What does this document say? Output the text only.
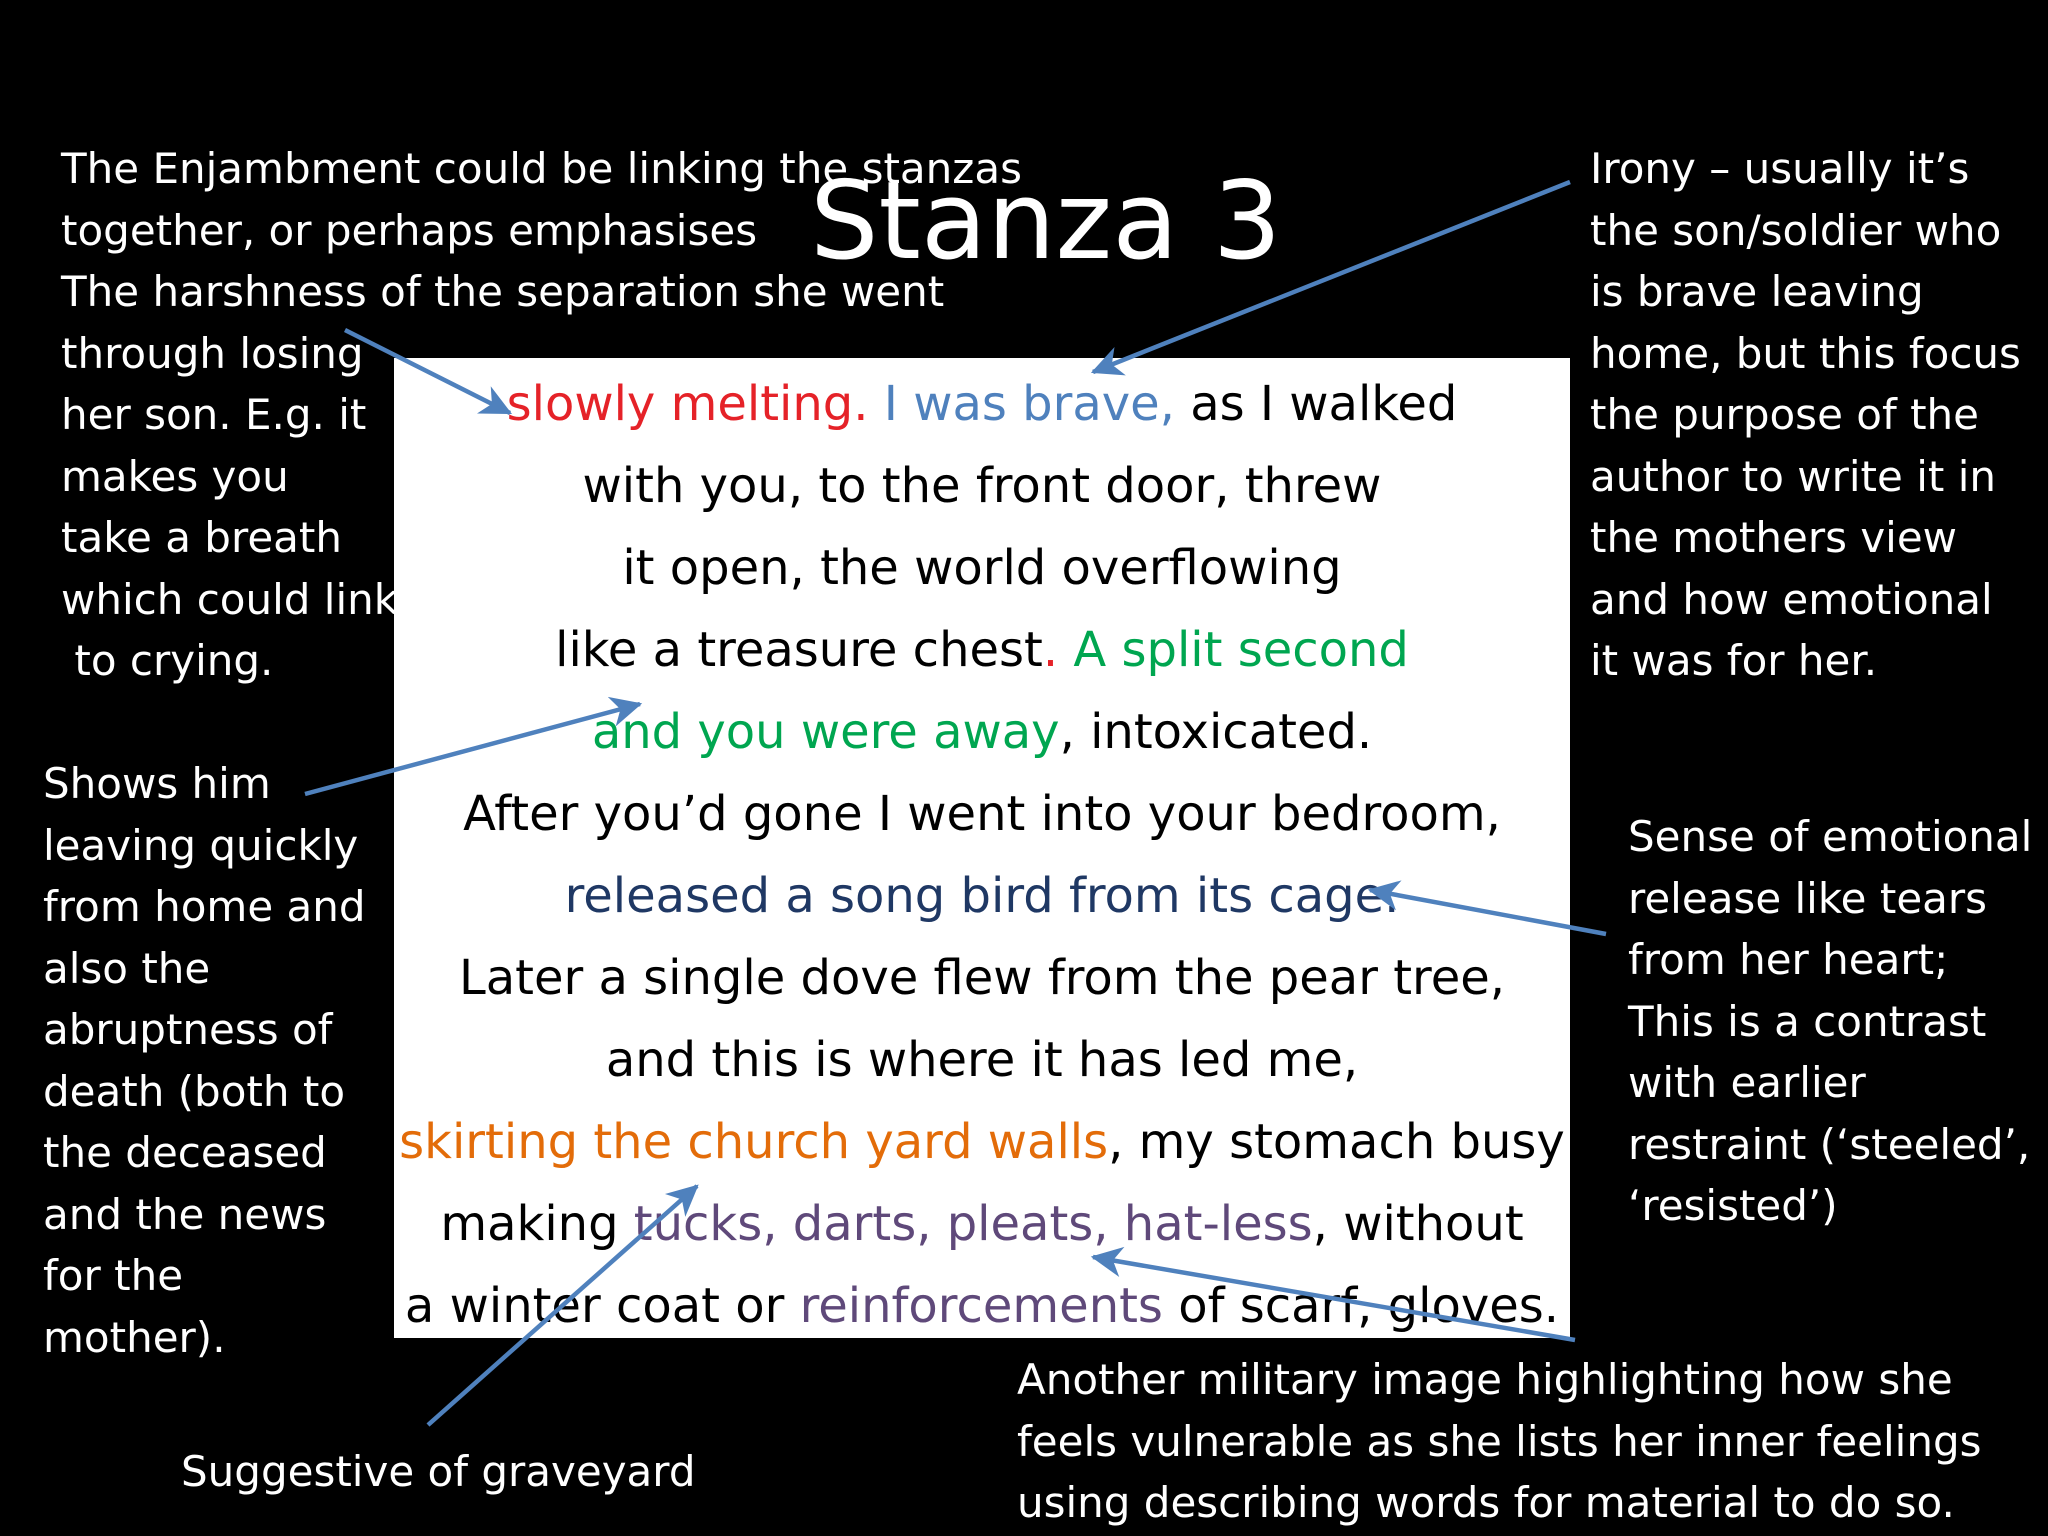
Stanza 3
slowly melting. I was brave, as I walked
with you, to the front door, threw
it open, the world overflowing
like a treasure chest. A split second
and you were away, intoxicated.
After you’d gone I went into your bedroom,
released a song bird from its cage.
Later a single dove flew from the pear tree,
and this is where it has led me,
skirting the church yard walls, my stomach busy
making tucks, darts, pleats, hat-less, without
a winter coat or reinforcements of scarf, gloves.
The Enjambment could be linking the stanzas
together, or perhaps emphasises
The harshness of the separation she went
through losing
her son. E.g. it
makes you
take a breath
which could link
to crying.
Irony – usually it’s
the son/soldier who
is brave leaving
home, but this focus
the purpose of the
author to write it in
the mothers view
and how emotional
it was for her.
Shows him
leaving quickly
from home and
also the
abruptness of
death (both to
the deceased
and the news
for the
mother).
Sense of emotional
release like tears
from her heart;
This is a contrast
with earlier
restraint (‘steeled’,
‘resisted’)
Suggestive of graveyard
Another military image highlighting how she
feels vulnerable as she lists her inner feelings
using describing words for material to do so.
